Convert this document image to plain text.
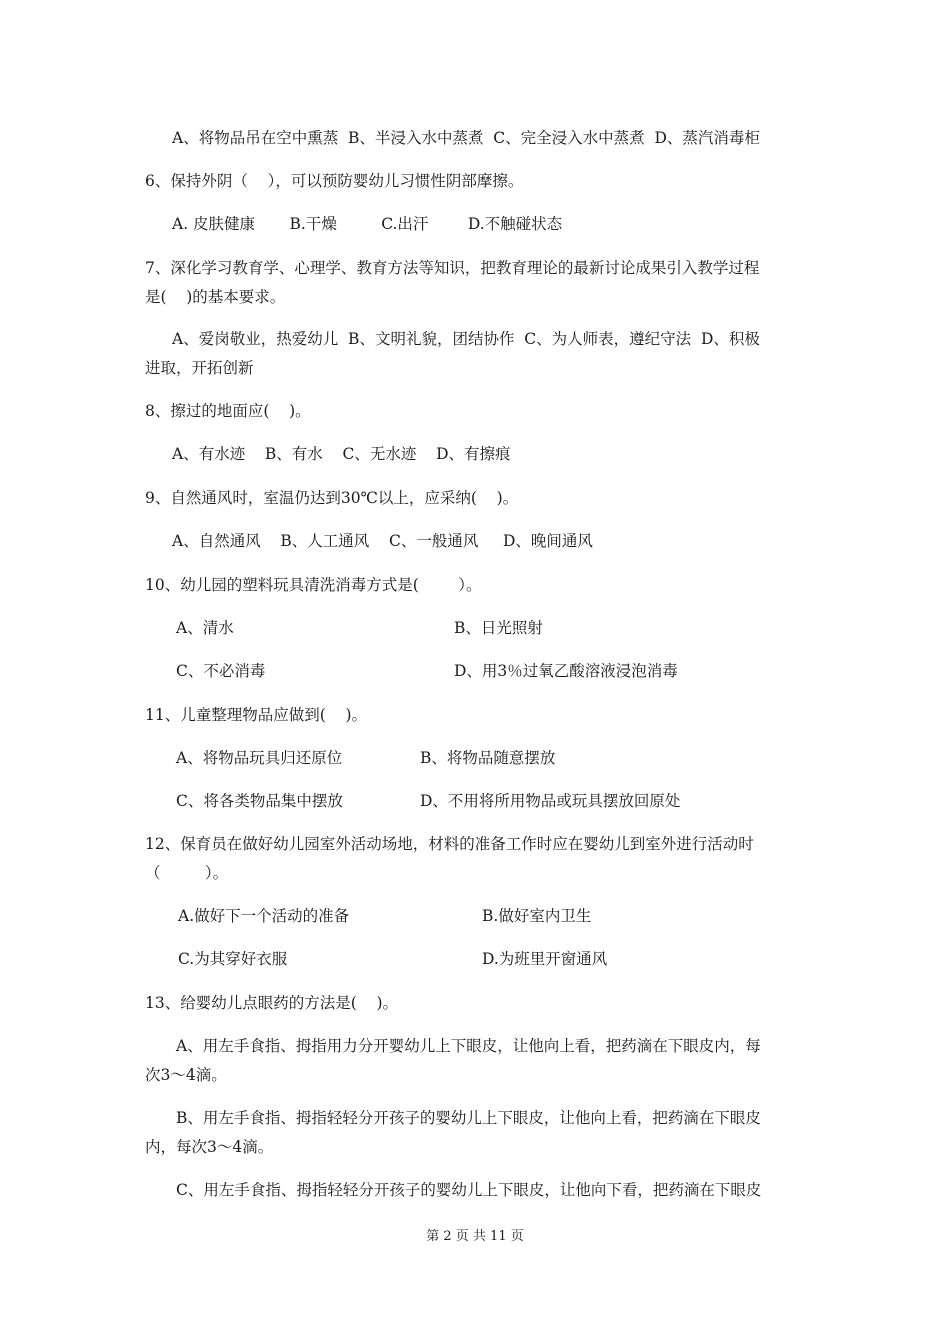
A、将物品吊在空中熏蒸  B、半浸入水中蒸煮  C、完全浸入水中蒸煮  D、蒸汽消毒柜
6、保持外阴（    ），可以预防婴幼儿习惯性阴部摩擦。
A. 皮肤健康       B.干燥         C.出汗        D.不触碰状态
7、深化学习教育学、心理学、教育方法等知识，把教育理论的最新讨论成果引入教学过程
是(    )的基本要求。
A、爱岗敬业，热爱幼儿  B、文明礼貌，团结协作  C、为人师表，遵纪守法  D、积极
进取，开拓创新
8、擦过的地面应(    )。
A、有水迹    B、有水    C、无水迹    D、有擦痕
9、自然通风时，室温仍达到30℃以上，应采纳(    )。
A、自然通风    B、人工通风    C、一般通风     D、晚间通风
10、幼儿园的塑料玩具清洗消毒方式是(        ）。
A、清水	B、日光照射
C、不必消毒	D、用3％过氧乙酸溶液浸泡消毒
11、儿童整理物品应做到(    )。
A、将物品玩具归还原位	B、将物品随意摆放
C、将各类物品集中摆放	D、不用将所用物品或玩具摆放回原处
12、保育员在做好幼儿园室外活动场地，材料的准备工作时应在婴幼儿到室外进行活动时
（         ）。
A.做好下一个活动的准备	B.做好室内卫生
C.为其穿好衣服	D.为班里开窗通风
13、给婴幼儿点眼药的方法是(    )。
A、用左手食指、拇指用力分开婴幼儿上下眼皮，让他向上看，把药滴在下眼皮内，每
次3～4滴。
B、用左手食指、拇指轻轻分开孩子的婴幼儿上下眼皮，让他向上看，把药滴在下眼皮
内，每次3～4滴。
C、用左手食指、拇指轻轻分开孩子的婴幼儿上下眼皮，让他向下看，把药滴在下眼皮
第 2 页 共 11 页
